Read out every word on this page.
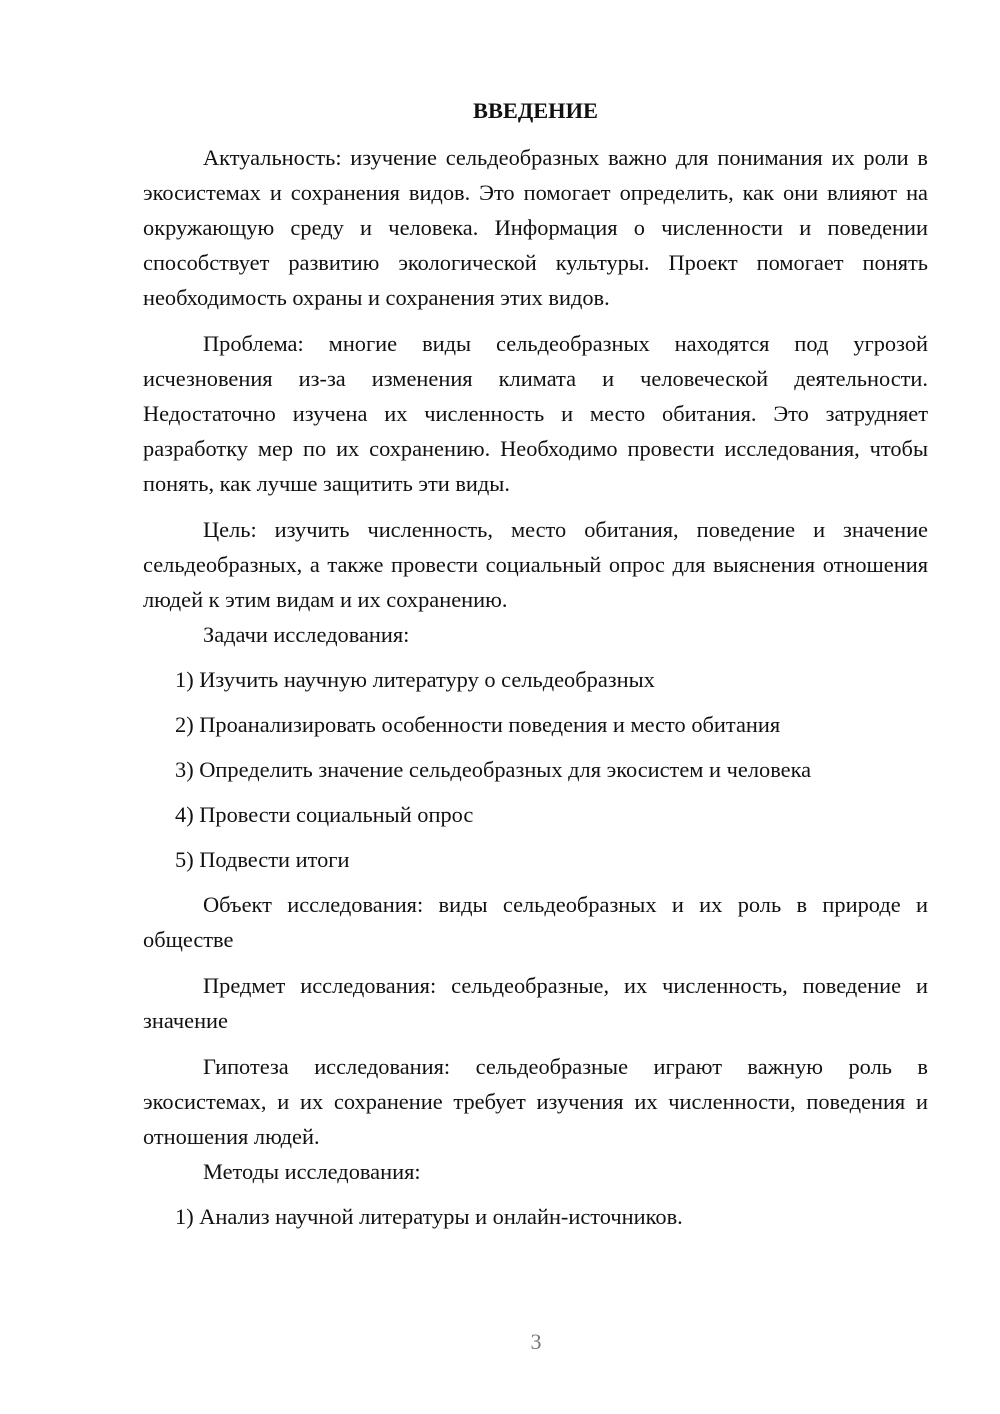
ВВЕДЕНИЕ

Актуальность: изучение сельдеобразных важно для понимания их роли в экосистемах и сохранения видов. Это помогает определить, как они влияют на окружающую среду и человека. Информация о численности и поведении способствует развитию экологической культуры. Проект помогает понять необходимость охраны и сохранения этих видов.

Проблема: многие виды сельдеобразных находятся под угрозой исчезновения из-за изменения климата и человеческой деятельности. Недостаточно изучена их численность и место обитания. Это затрудняет разработку мер по их сохранению. Необходимо провести исследования, чтобы понять, как лучше защитить эти виды.

Цель: изучить численность, место обитания, поведение и значение сельдеобразных, а также провести социальный опрос для выяснения отношения людей к этим видам и их сохранению.

Задачи исследования:

1) Изучить научную литературу о сельдеобразных

2) Проанализировать особенности поведения и место обитания

3) Определить значение сельдеобразных для экосистем и человека

4) Провести социальный опрос

5) Подвести итоги

Объект исследования: виды сельдеобразных и их роль в природе и обществе

Предмет исследования: сельдеобразные, их численность, поведение и значение

Гипотеза исследования: сельдеобразные играют важную роль в экосистемах, и их сохранение требует изучения их численности, поведения и отношения людей.

Методы исследования:

1) Анализ научной литературы и онлайн-источников.

3
